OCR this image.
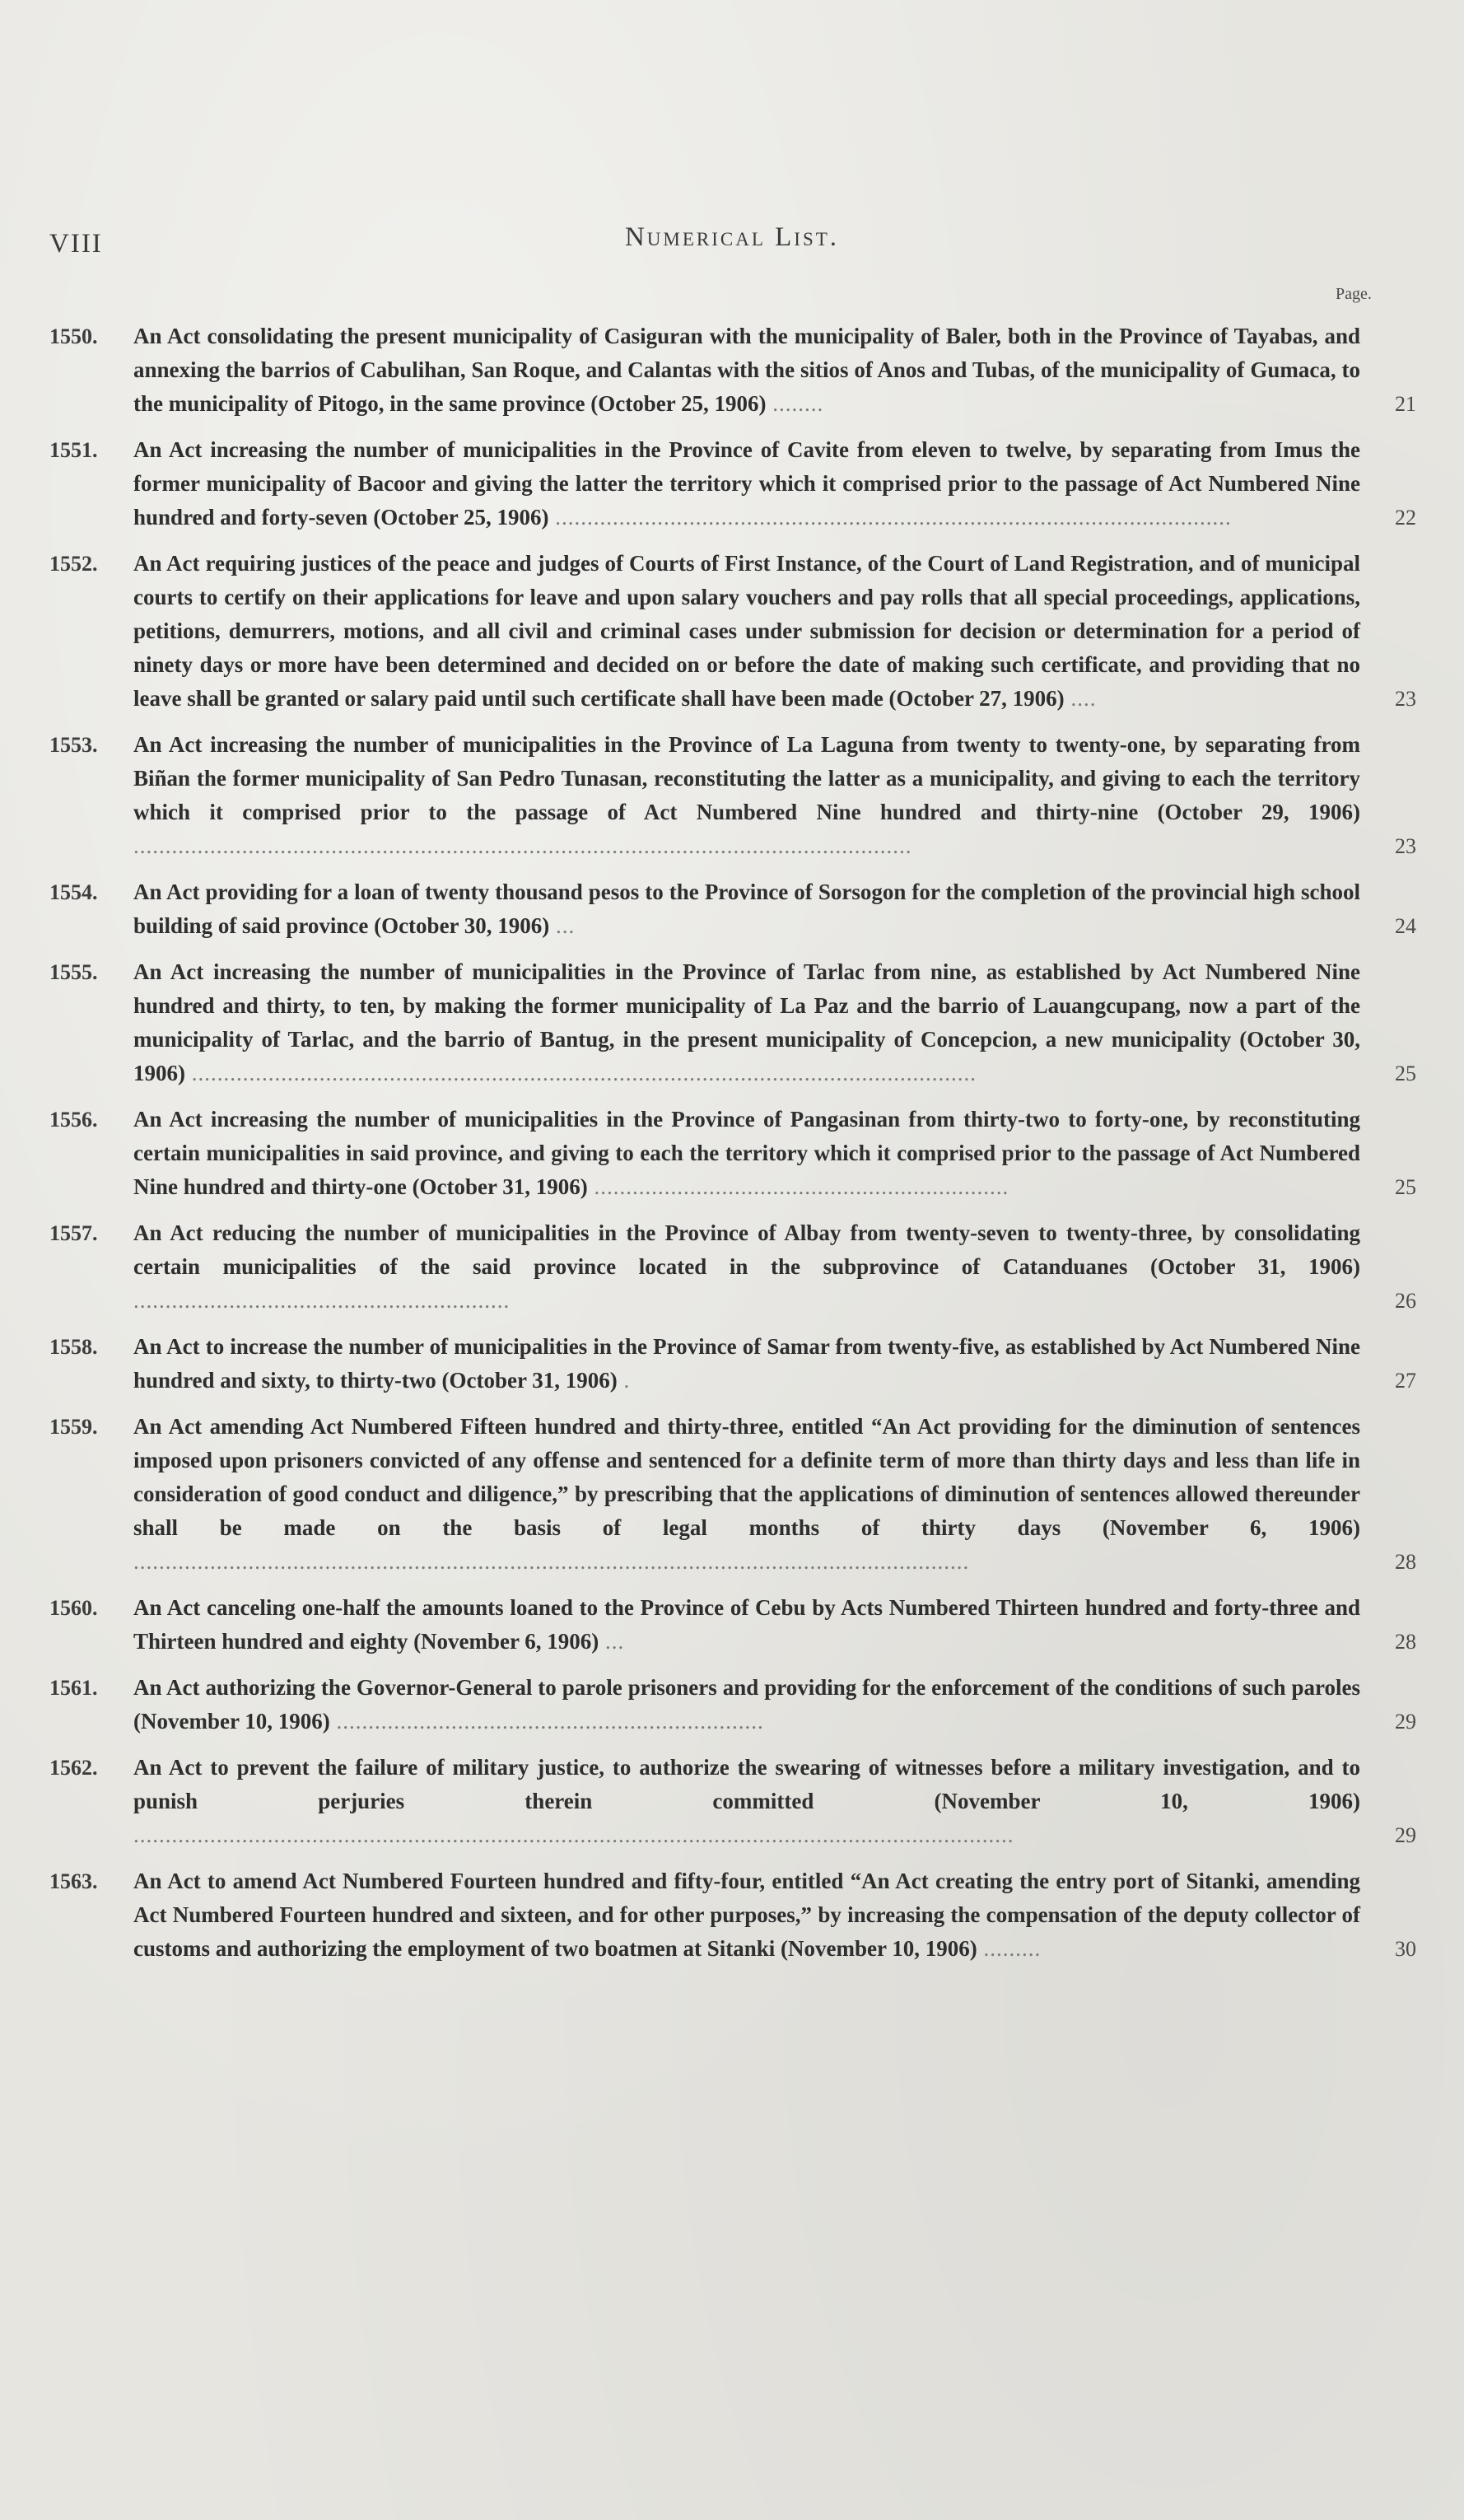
VIII	Numerical List.
Page.
1550.	An Act consolidating the present municipality of Casiguran with the municipality of Baler, both in the Province of Tayabas, and annexing the barrios of Cabulihan, San Roque, and Calantas with the sitios of Anos and Tubas, of the municipality of Gumaca, to the municipality of Pitogo, in the same province (October 25, 1906) ........	21
1551.	An Act increasing the number of municipalities in the Province of Cavite from eleven to twelve, by separating from Imus the former municipality of Bacoor and giving the latter the territory which it comprised prior to the passage of Act Numbered Nine hundred and forty-seven (October 25, 1906) ..........................................................................................................	22
1552.	An Act requiring justices of the peace and judges of Courts of First Instance, of the Court of Land Registration, and of municipal courts to certify on their applications for leave and upon salary vouchers and pay rolls that all special proceedings, applications, petitions, demurrers, motions, and all civil and criminal cases under submission for decision or determination for a period of ninety days or more have been determined and decided on or before the date of making such certificate, and providing that no leave shall be granted or salary paid until such certificate shall have been made (October 27, 1906) ....	23
1553.	An Act increasing the number of municipalities in the Province of La Laguna from twenty to twenty-one, by separating from Biñan the former municipality of San Pedro Tunasan, reconstituting the latter as a municipality, and giving to each the territory which it comprised prior to the passage of Act Numbered Nine hundred and thirty-nine (October 29, 1906) ..........................................................................................................................	23
1554.	An Act providing for a loan of twenty thousand pesos to the Province of Sorsogon for the completion of the provincial high school building of said province (October 30, 1906) ...	24
1555.	An Act increasing the number of municipalities in the Province of Tarlac from nine, as established by Act Numbered Nine hundred and thirty, to ten, by making the former municipality of La Paz and the barrio of Lauangcupang, now a part of the municipality of Tarlac, and the barrio of Bantug, in the present municipality of Concepcion, a new municipality (October 30, 1906) ...........................................................................................................................	25
1556.	An Act increasing the number of municipalities in the Province of Pangasinan from thirty-two to forty-one, by reconstituting certain municipalities in said province, and giving to each the territory which it comprised prior to the passage of Act Numbered Nine hundred and thirty-one (October 31, 1906) .................................................................	25
1557.	An Act reducing the number of municipalities in the Province of Albay from twenty-seven to twenty-three, by consolidating certain municipalities of the said province located in the subprovince of Catanduanes (October 31, 1906) ...........................................................	26
1558.	An Act to increase the number of municipalities in the Province of Samar from twenty-five, as established by Act Numbered Nine hundred and sixty, to thirty-two (October 31, 1906) .	27
1559.	An Act amending Act Numbered Fifteen hundred and thirty-three, entitled “An Act providing for the diminution of sentences imposed upon prisoners convicted of any offense and sentenced for a definite term of more than thirty days and less than life in consideration of good conduct and diligence,” by prescribing that the applications of diminution of sentences allowed thereunder shall be made on the basis of legal months of thirty days (November 6, 1906) ...................................................................................................................................	28
1560.	An Act canceling one-half the amounts loaned to the Province of Cebu by Acts Numbered Thirteen hundred and forty-three and Thirteen hundred and eighty (November 6, 1906) ...	28
1561.	An Act authorizing the Governor-General to parole prisoners and providing for the enforcement of the conditions of such paroles (November 10, 1906) ...................................................................	29
1562.	An Act to prevent the failure of military justice, to authorize the swearing of witnesses before a military investigation, and to punish perjuries therein committed (November 10, 1906) ..........................................................................................................................................	29
1563.	An Act to amend Act Numbered Fourteen hundred and fifty-four, entitled “An Act creating the entry port of Sitanki, amending Act Numbered Fourteen hundred and sixteen, and for other purposes,” by increasing the compensation of the deputy collector of customs and authorizing the employment of two boatmen at Sitanki (November 10, 1906) .........	30
